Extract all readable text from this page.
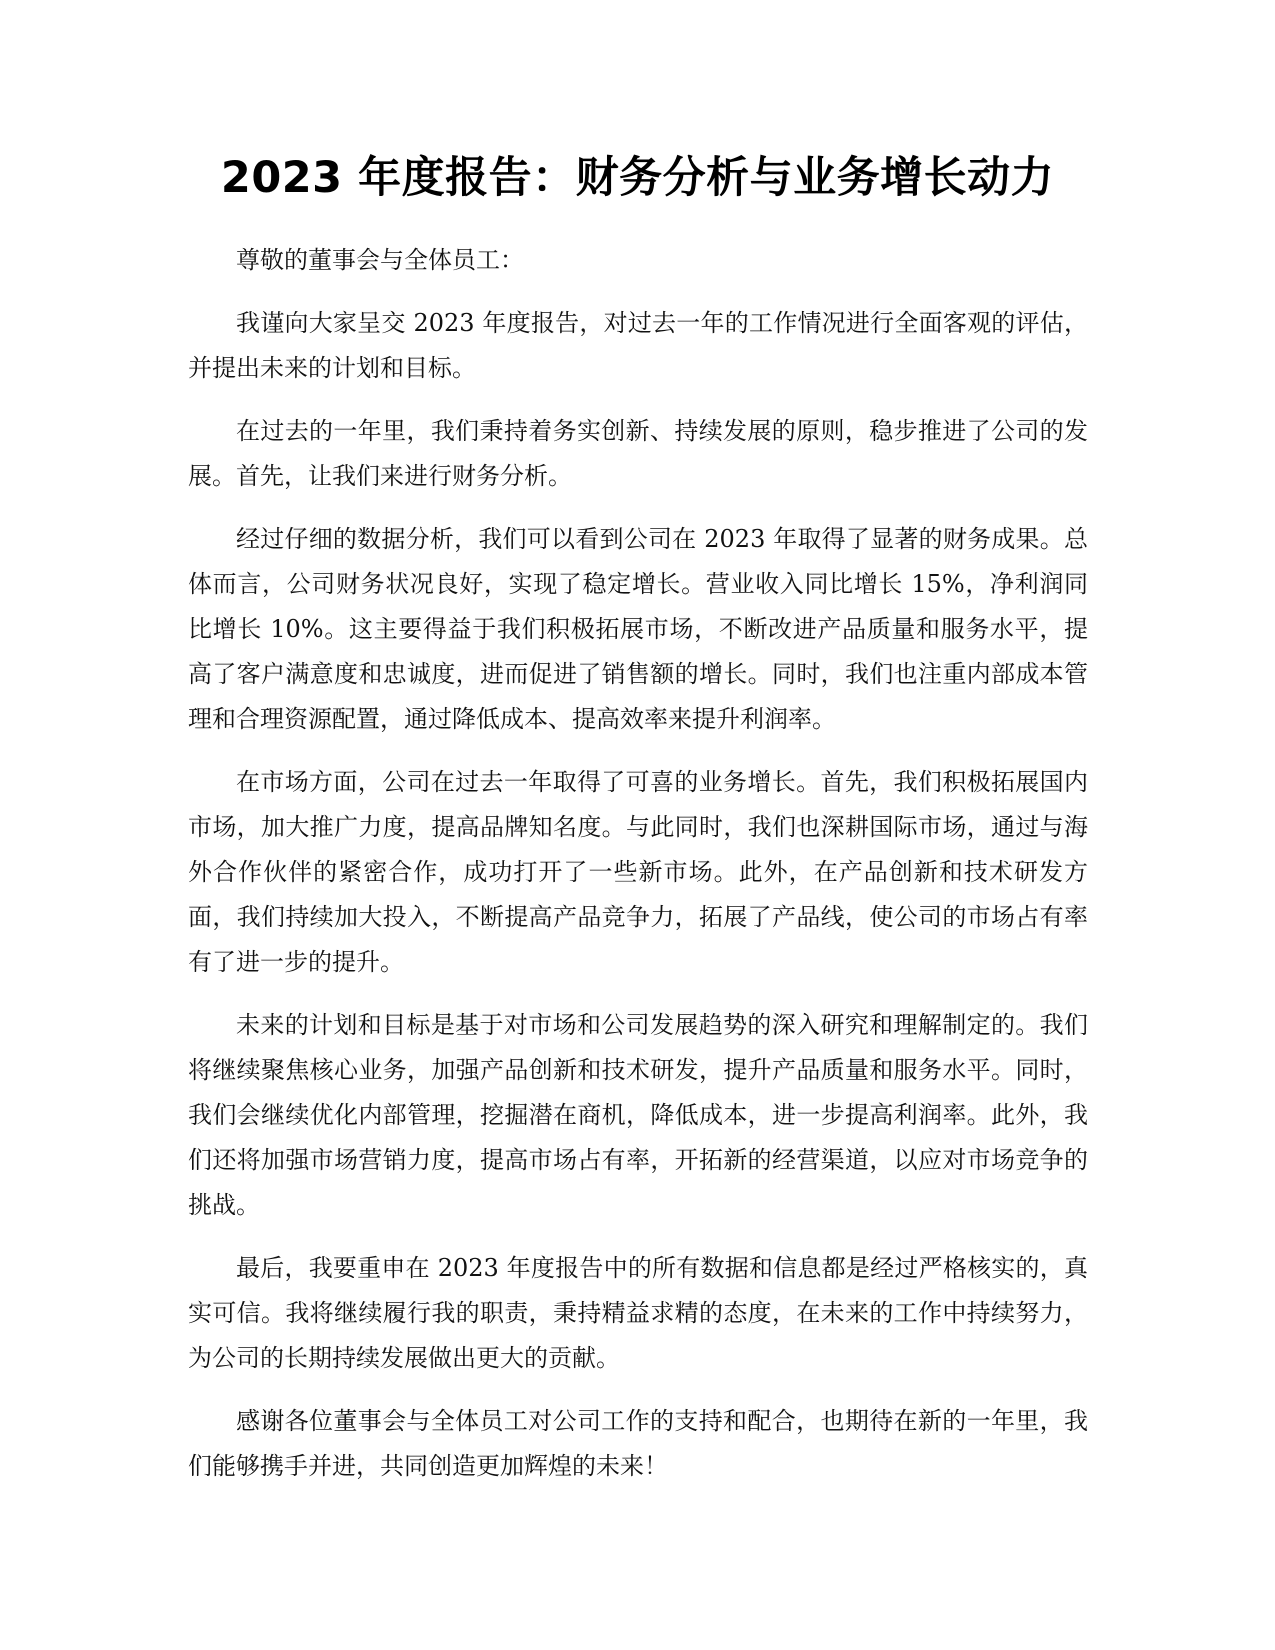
2023 年度报告：财务分析与业务增长动力

尊敬的董事会与全体员工：

我谨向大家呈交 2023 年度报告，对过去一年的工作情况进行全面客观的评估，并提出未来的计划和目标。

在过去的一年里，我们秉持着务实创新、持续发展的原则，稳步推进了公司的发展。首先，让我们来进行财务分析。

经过仔细的数据分析，我们可以看到公司在 2023 年取得了显著的财务成果。总体而言，公司财务状况良好，实现了稳定增长。营业收入同比增长 15%，净利润同比增长 10%。这主要得益于我们积极拓展市场，不断改进产品质量和服务水平，提高了客户满意度和忠诚度，进而促进了销售额的增长。同时，我们也注重内部成本管理和合理资源配置，通过降低成本、提高效率来提升利润率。

在市场方面，公司在过去一年取得了可喜的业务增长。首先，我们积极拓展国内市场，加大推广力度，提高品牌知名度。与此同时，我们也深耕国际市场，通过与海外合作伙伴的紧密合作，成功打开了一些新市场。此外，在产品创新和技术研发方面，我们持续加大投入，不断提高产品竞争力，拓展了产品线，使公司的市场占有率有了进一步的提升。

未来的计划和目标是基于对市场和公司发展趋势的深入研究和理解制定的。我们将继续聚焦核心业务，加强产品创新和技术研发，提升产品质量和服务水平。同时，我们会继续优化内部管理，挖掘潜在商机，降低成本，进一步提高利润率。此外，我们还将加强市场营销力度，提高市场占有率，开拓新的经营渠道，以应对市场竞争的挑战。

最后，我要重申在 2023 年度报告中的所有数据和信息都是经过严格核实的，真实可信。我将继续履行我的职责，秉持精益求精的态度，在未来的工作中持续努力，为公司的长期持续发展做出更大的贡献。

感谢各位董事会与全体员工对公司工作的支持和配合，也期待在新的一年里，我们能够携手并进，共同创造更加辉煌的未来！
